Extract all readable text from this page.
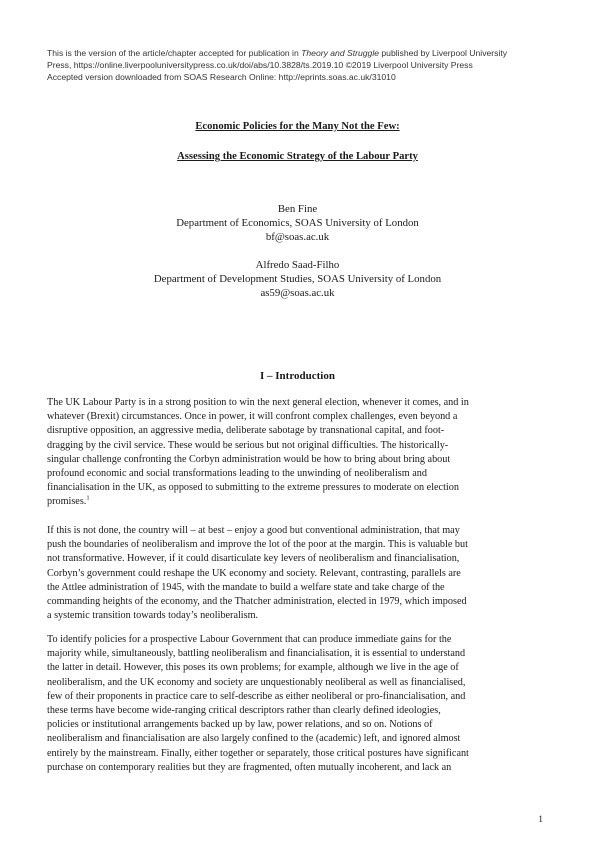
This is the version of the article/chapter accepted for publication in Theory and Struggle published by Liverpool University
Press, https://online.liverpooluniversitypress.co.uk/doi/abs/10.3828/ts.2019.10 ©2019 Liverpool University Press
Accepted version downloaded from SOAS Research Online: http://eprints.soas.ac.uk/31010
Economic Policies for the Many Not the Few:
Assessing the Economic Strategy of the Labour Party
Ben Fine
Department of Economics, SOAS University of London
bf@soas.ac.uk
Alfredo Saad-Filho
Department of Development Studies, SOAS University of London
as59@soas.ac.uk
I – Introduction
The UK Labour Party is in a strong position to win the next general election, whenever it comes, and in
whatever (Brexit) circumstances. Once in power, it will confront complex challenges, even beyond a
disruptive opposition, an aggressive media, deliberate sabotage by transnational capital, and foot-
dragging by the civil service. These would be serious but not original difficulties. The historically-
singular challenge confronting the Corbyn administration would be how to bring about bring about
profound economic and social transformations leading to the unwinding of neoliberalism and
financialisation in the UK, as opposed to submitting to the extreme pressures to moderate on election
promises.$^1$
If this is not done, the country will – at best – enjoy a good but conventional administration, that may
push the boundaries of neoliberalism and improve the lot of the poor at the margin. This is valuable but
not transformative. However, if it could disarticulate key levers of neoliberalism and financialisation,
Corbyn’s government could reshape the UK economy and society. Relevant, contrasting, parallels are
the Attlee administration of 1945, with the mandate to build a welfare state and take charge of the
commanding heights of the economy, and the Thatcher administration, elected in 1979, which imposed
a systemic transition towards today’s neoliberalism.
To identify policies for a prospective Labour Government that can produce immediate gains for the
majority while, simultaneously, battling neoliberalism and financialisation, it is essential to understand
the latter in detail. However, this poses its own problems; for example, although we live in the age of
neoliberalism, and the UK economy and society are unquestionably neoliberal as well as financialised,
few of their proponents in practice care to self-describe as either neoliberal or pro-financialisation, and
these terms have become wide-ranging critical descriptors rather than clearly defined ideologies,
policies or institutional arrangements backed up by law, power relations, and so on. Notions of
neoliberalism and financialisation are also largely confined to the (academic) left, and ignored almost
entirely by the mainstream. Finally, either together or separately, those critical postures have significant
purchase on contemporary realities but they are fragmented, often mutually incoherent, and lack an
1
